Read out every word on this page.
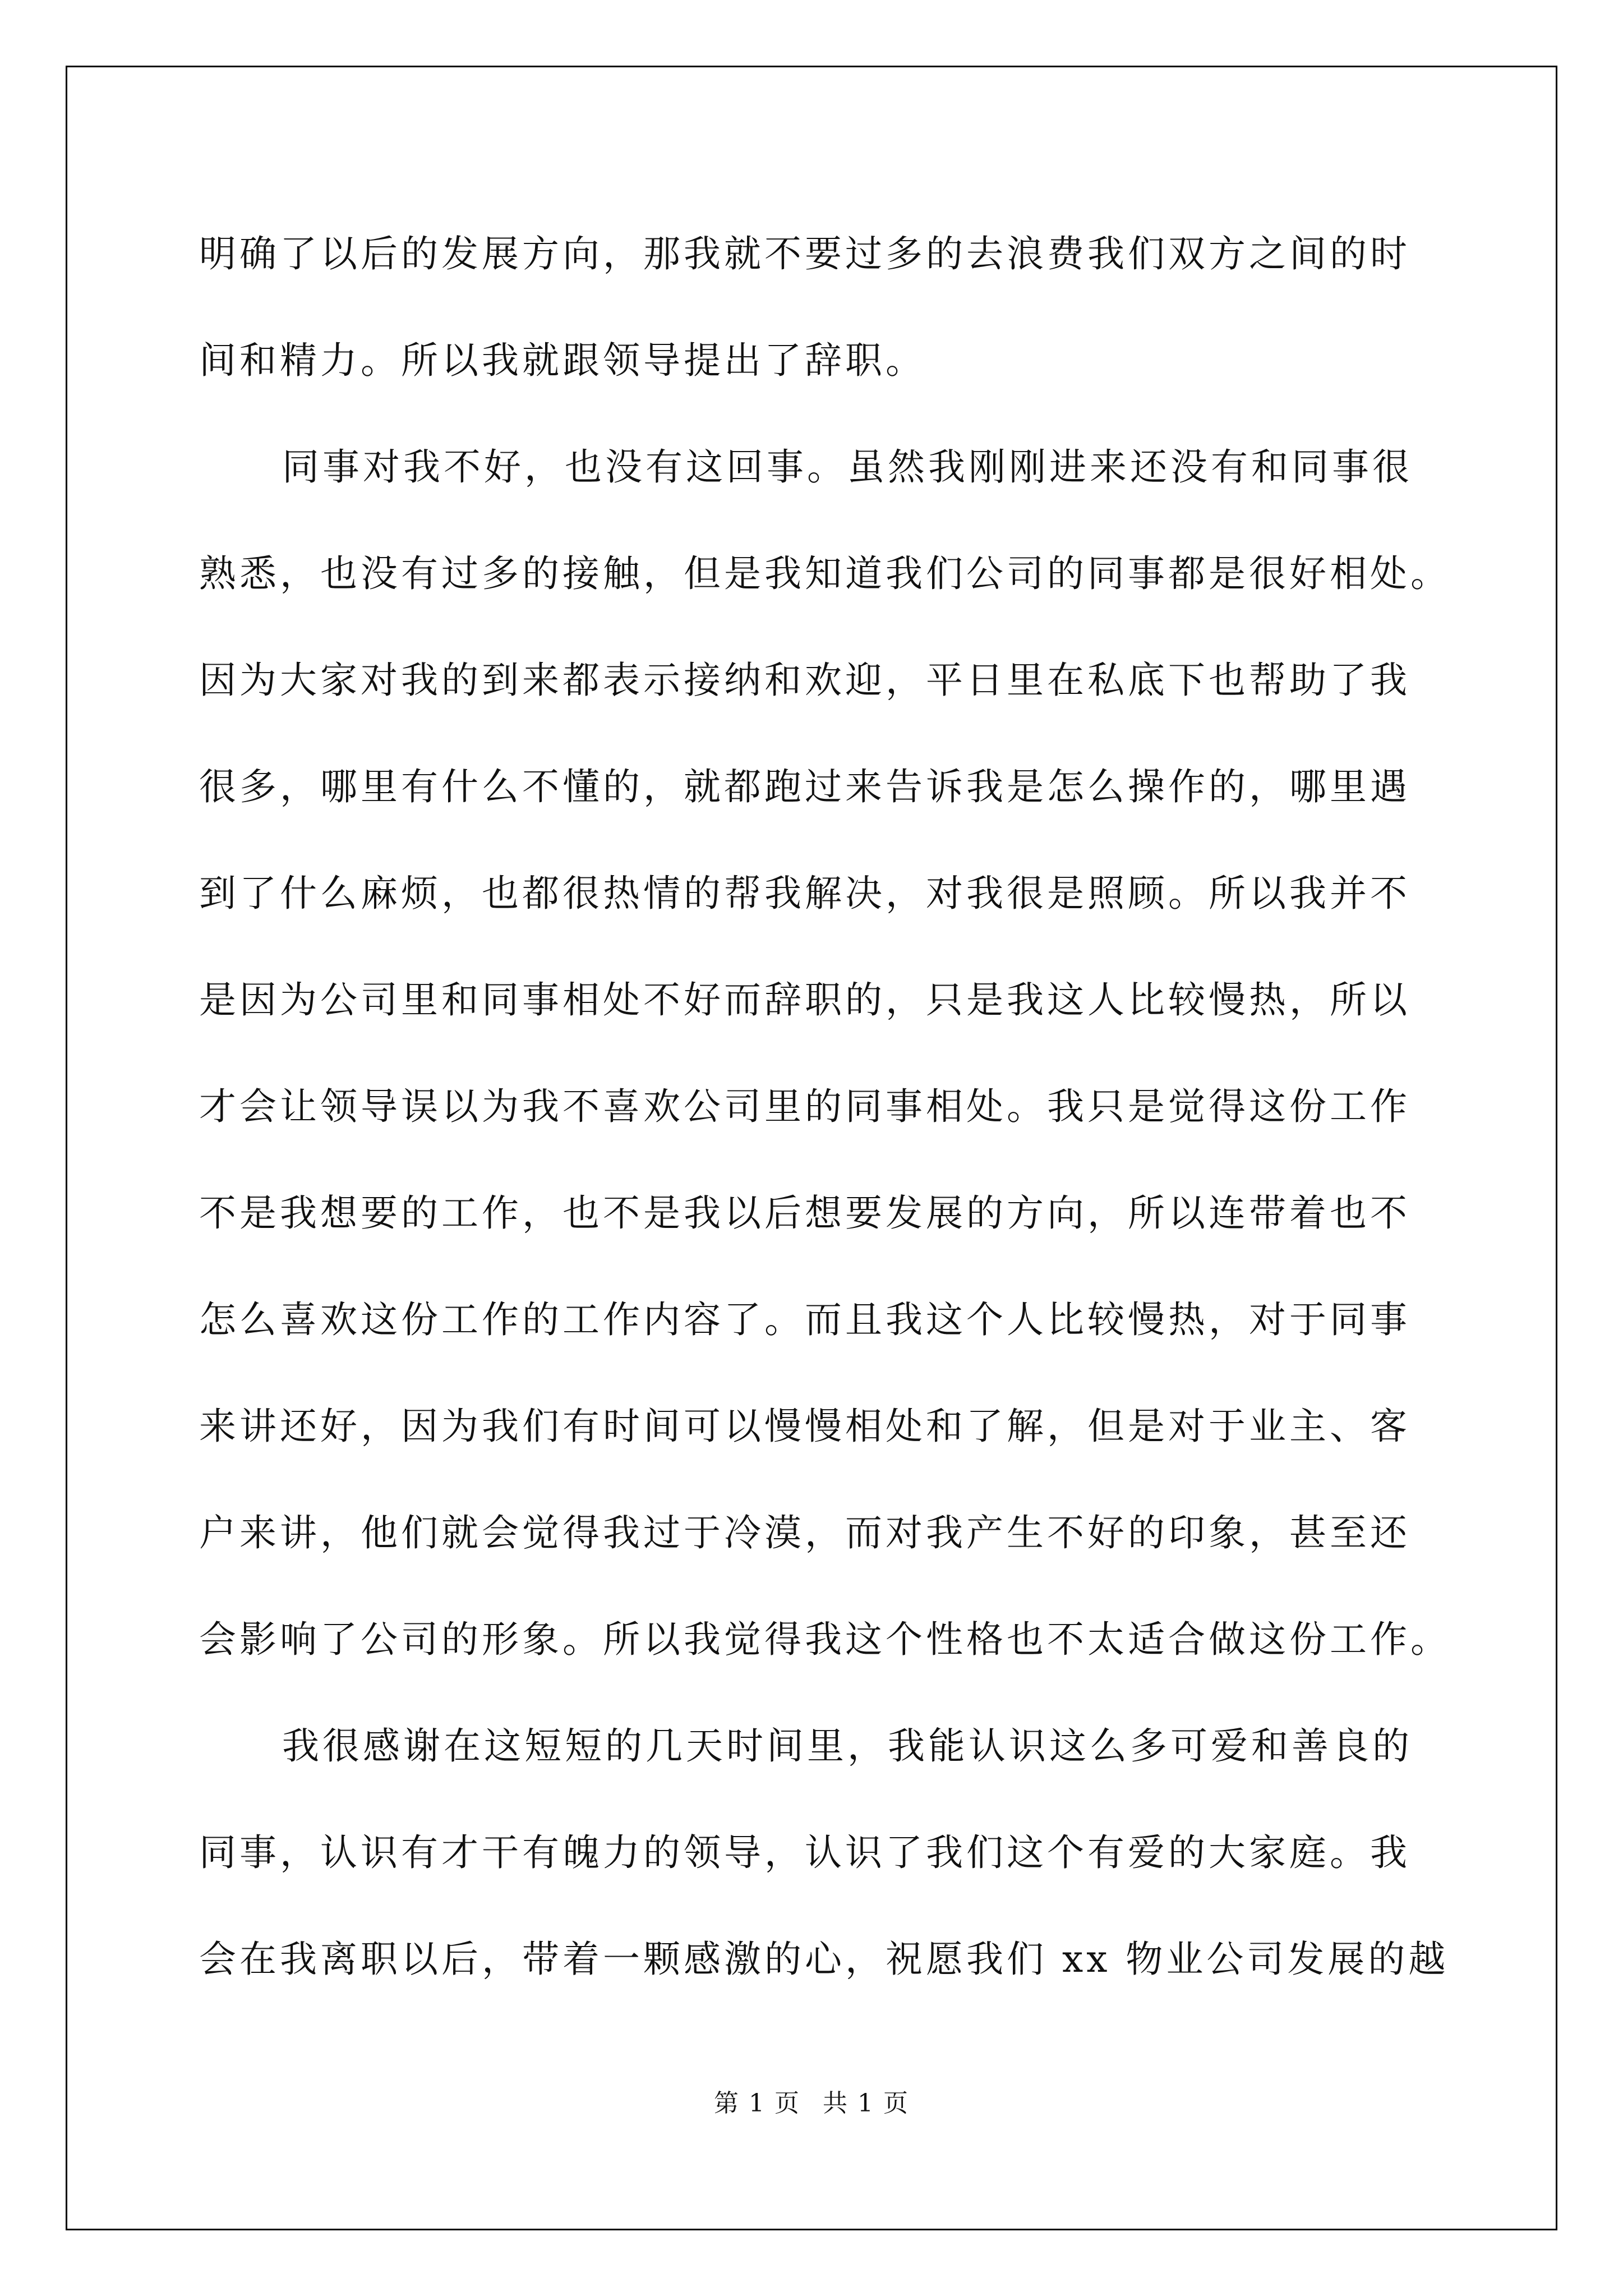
明确了以后的发展方向，那我就不要过多的去浪费我们双方之间的时
间和精力。所以我就跟领导提出了辞职。
同事对我不好，也没有这回事。虽然我刚刚进来还没有和同事很
熟悉，也没有过多的接触，但是我知道我们公司的同事都是很好相处。
因为大家对我的到来都表示接纳和欢迎，平日里在私底下也帮助了我
很多，哪里有什么不懂的，就都跑过来告诉我是怎么操作的，哪里遇
到了什么麻烦，也都很热情的帮我解决，对我很是照顾。所以我并不
是因为公司里和同事相处不好而辞职的，只是我这人比较慢热，所以
才会让领导误以为我不喜欢公司里的同事相处。我只是觉得这份工作
不是我想要的工作，也不是我以后想要发展的方向，所以连带着也不
怎么喜欢这份工作的工作内容了。而且我这个人比较慢热，对于同事
来讲还好，因为我们有时间可以慢慢相处和了解，但是对于业主、客
户来讲，他们就会觉得我过于冷漠，而对我产生不好的印象，甚至还
会影响了公司的形象。所以我觉得我这个性格也不太适合做这份工作。
我很感谢在这短短的几天时间里，我能认识这么多可爱和善良的
同事，认识有才干有魄力的领导，认识了我们这个有爱的大家庭。我
会在我离职以后，带着一颗感激的心，祝愿我们 xx 物业公司发展的越
第 1 页 共 1 页
